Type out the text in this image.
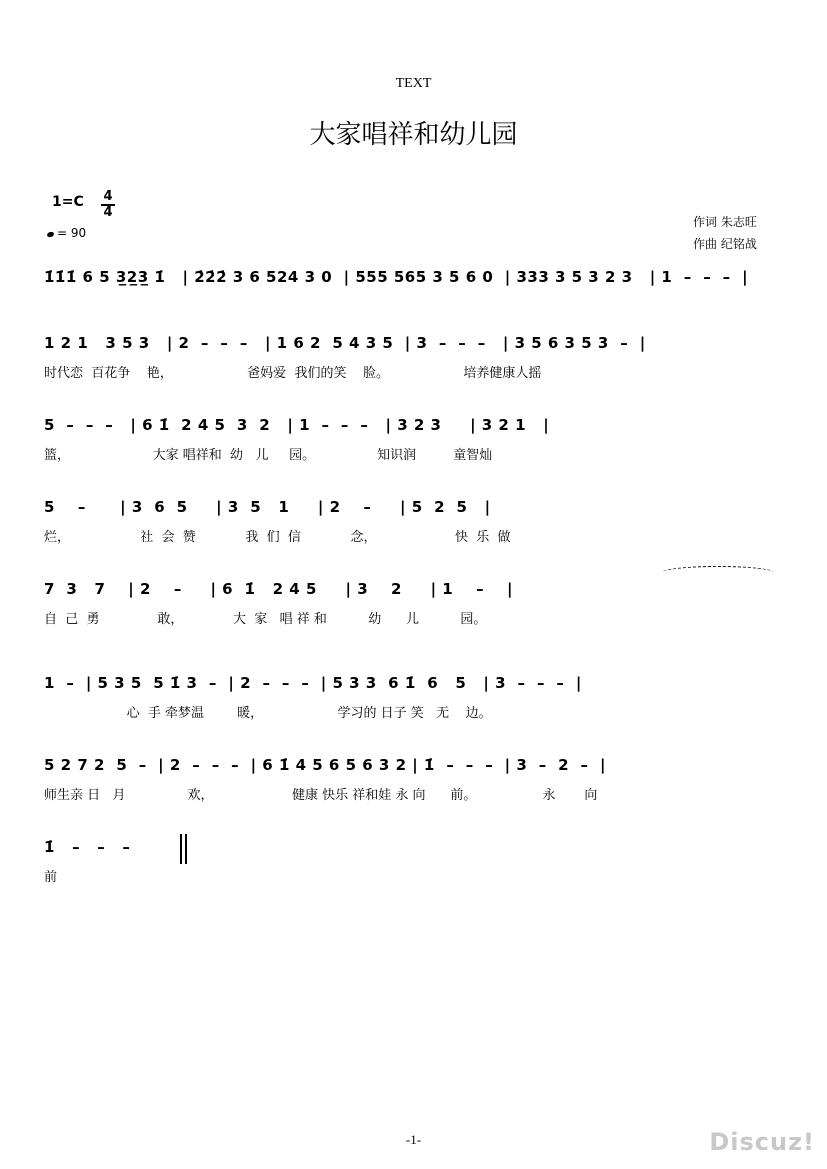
TEXT
大家唱祥和幼儿园
1=C 4
4
= 90
作词 朱志旺
作曲 纪铭战
1̇1̇1̇ 6 5 3̲2̲3̲ 1̇   | 2̇2̇2̇ 3 6 524 3 0  | 555 565 3 5 6 0  | 333 3 5 3 2 3   | 1  –  –  –  |
1 2 1   3 5 3   | 2  –  –  –   | 1 6 2  5 4 3 5  | 3  –  –  –   | 3 5 6 3 5 3  –  |
时代恋  百花争    艳，                  爸妈爱  我们的笑    脸。                  培养健康人摇
5  –  –  –   | 6 1̇  2 4 5  3  2   | 1  –  –  –   | 3 2 3     | 3 2 1   |
篮，                    大家 唱祥和  幼   儿     园。               知识润         童智灿
5    –      | 3  6  5     | 3  5   1     | 2    –     | 5  2  5   |
烂，                 社  会  赞            我  们  信            念，                   快  乐  做
7  3   7    | 2    –     | 6  1̇   2 4 5     | 3    2     | 1    –    |
自  己  勇              敢，            大  家   唱 祥 和          幼      儿          园。
1  –  | 5 3 5  5 1̇ 3  –  | 2  –  –  –  | 5 3 3  6 1̇  6   5   | 3  –  –  –  |
心  手 牵梦温        暖，                  学习的 日子 笑   无    边。
5 2 7 2  5  –  | 2  –  –  –  | 6 1̇ 4 5 6 5 6 3 2 | 1̇  –  –  –  | 3  –  2  –  |
师生亲 日   月               欢，                   健康 快乐 祥和娃 永 向      前。                永       向
1̇   –   –   –
前
-1-	Discuz!
